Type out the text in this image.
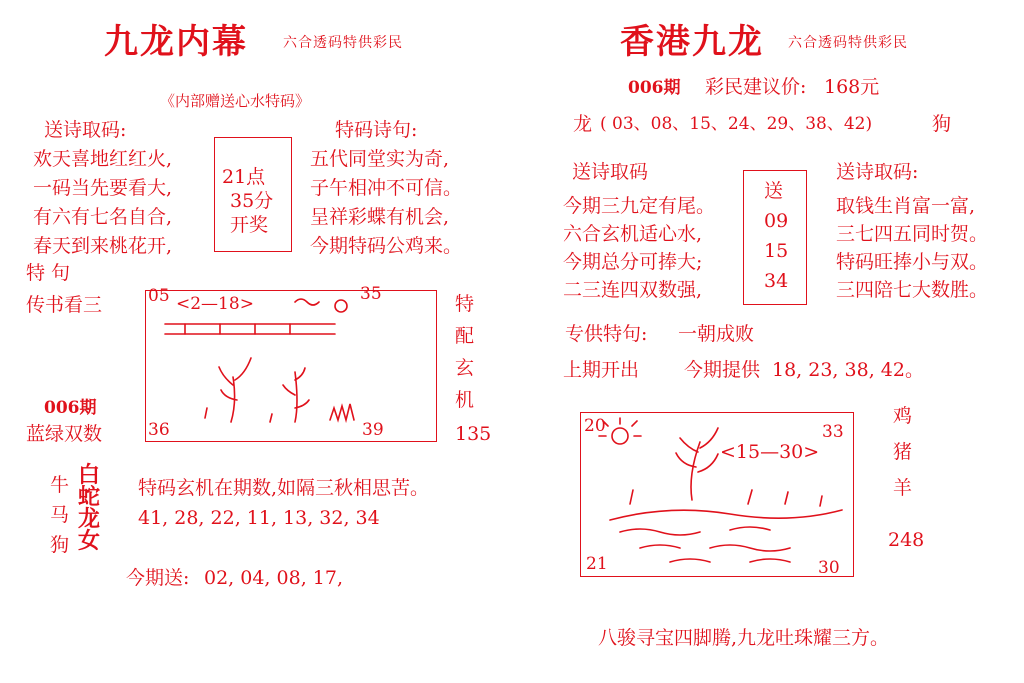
九龙内幕	六合透码特供彩民
《内部赠送心水特码》
送诗取码:
欢天喜地红红火,
一码当先要看大,
有六有七名自合,
春天到来桃花开,
21点
35分
开奖
特码诗句:
五代同堂实为奇,
子午相冲不可信。
呈祥彩蝶有机会,
今期特码公鸡来。
特 句
传书看三	05	35
36	39
<2—18>	特
配
玄
机
135
006期
蓝绿双数
牛
马
狗
白
蛇
龙
女
特码玄机在期数,如隔三秋相思苦。
41, 28, 22, 11, 13, 32, 34
今期送: 02, 04, 08, 17,
香港九龙 六合透码特供彩民
006期 彩民建议价: 168元
龙 ( 03、08、15、24、29、38、42)	狗
送诗取码
今期三九定有尾。
六合玄机适心水,
今期总分可捧大;
二三连四双数强,
送
09
15
34
送诗取码:
取钱生肖富一富,
三七四五同时贺。
特码旺捧小与双。
三四陪七大数胜。
专供特句: 一朝成败
上期开出 今期提供 18, 23, 38, 42。
20	33
21	30
<15—30>
鸡
猪
羊
248
八骏寻宝四脚腾,九龙吐珠耀三方。
